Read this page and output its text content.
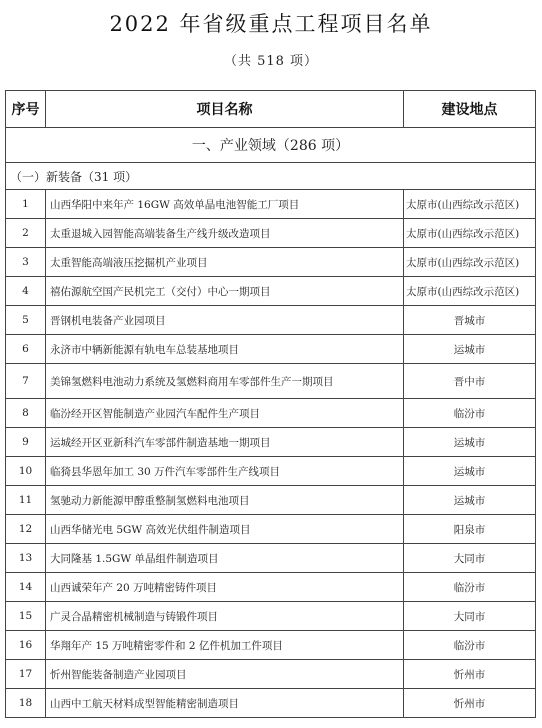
2022 年省级重点工程项目名单
（共 518 项）
序号	项目名称	建设地点
一、产业领域（286 项）		
（一）新装备（31 项）		
1	山西华阳中来年产 16GW 高效单晶电池智能工厂项目	太原市(山西综改示范区)
2	太重退城入园智能高端装备生产线升级改造项目	太原市(山西综改示范区)
3	太重智能高端液压挖掘机产业项目	太原市(山西综改示范区)
4	禧佑源航空国产民机完工（交付）中心一期项目	太原市(山西综改示范区)
5	晋钢机电装备产业园项目	晋城市
6	永济市中辆新能源有轨电车总装基地项目	运城市
7	美锦氢燃料电池动力系统及氢燃料商用车零部件生产一期项目	晋中市
8	临汾经开区智能制造产业园汽车配件生产项目	临汾市
9	运城经开区亚新科汽车零部件制造基地一期项目	运城市
10	临猗县华恩年加工 30 万件汽车零部件生产线项目	运城市
11	氢驰动力新能源甲醇重整制氢燃料电池项目	运城市
12	山西华储光电 5GW 高效光伏组件制造项目	阳泉市
13	大同隆基 1.5GW 单晶组件制造项目	大同市
14	山西诚荣年产 20 万吨精密铸件项目	临汾市
15	广灵合晶精密机械制造与铸锻件项目	大同市
16	华翔年产 15 万吨精密零件和 2 亿件机加工件项目	临汾市
17	忻州智能装备制造产业园项目	忻州市
18	山西中工航天材料成型智能精密制造项目	忻州市
